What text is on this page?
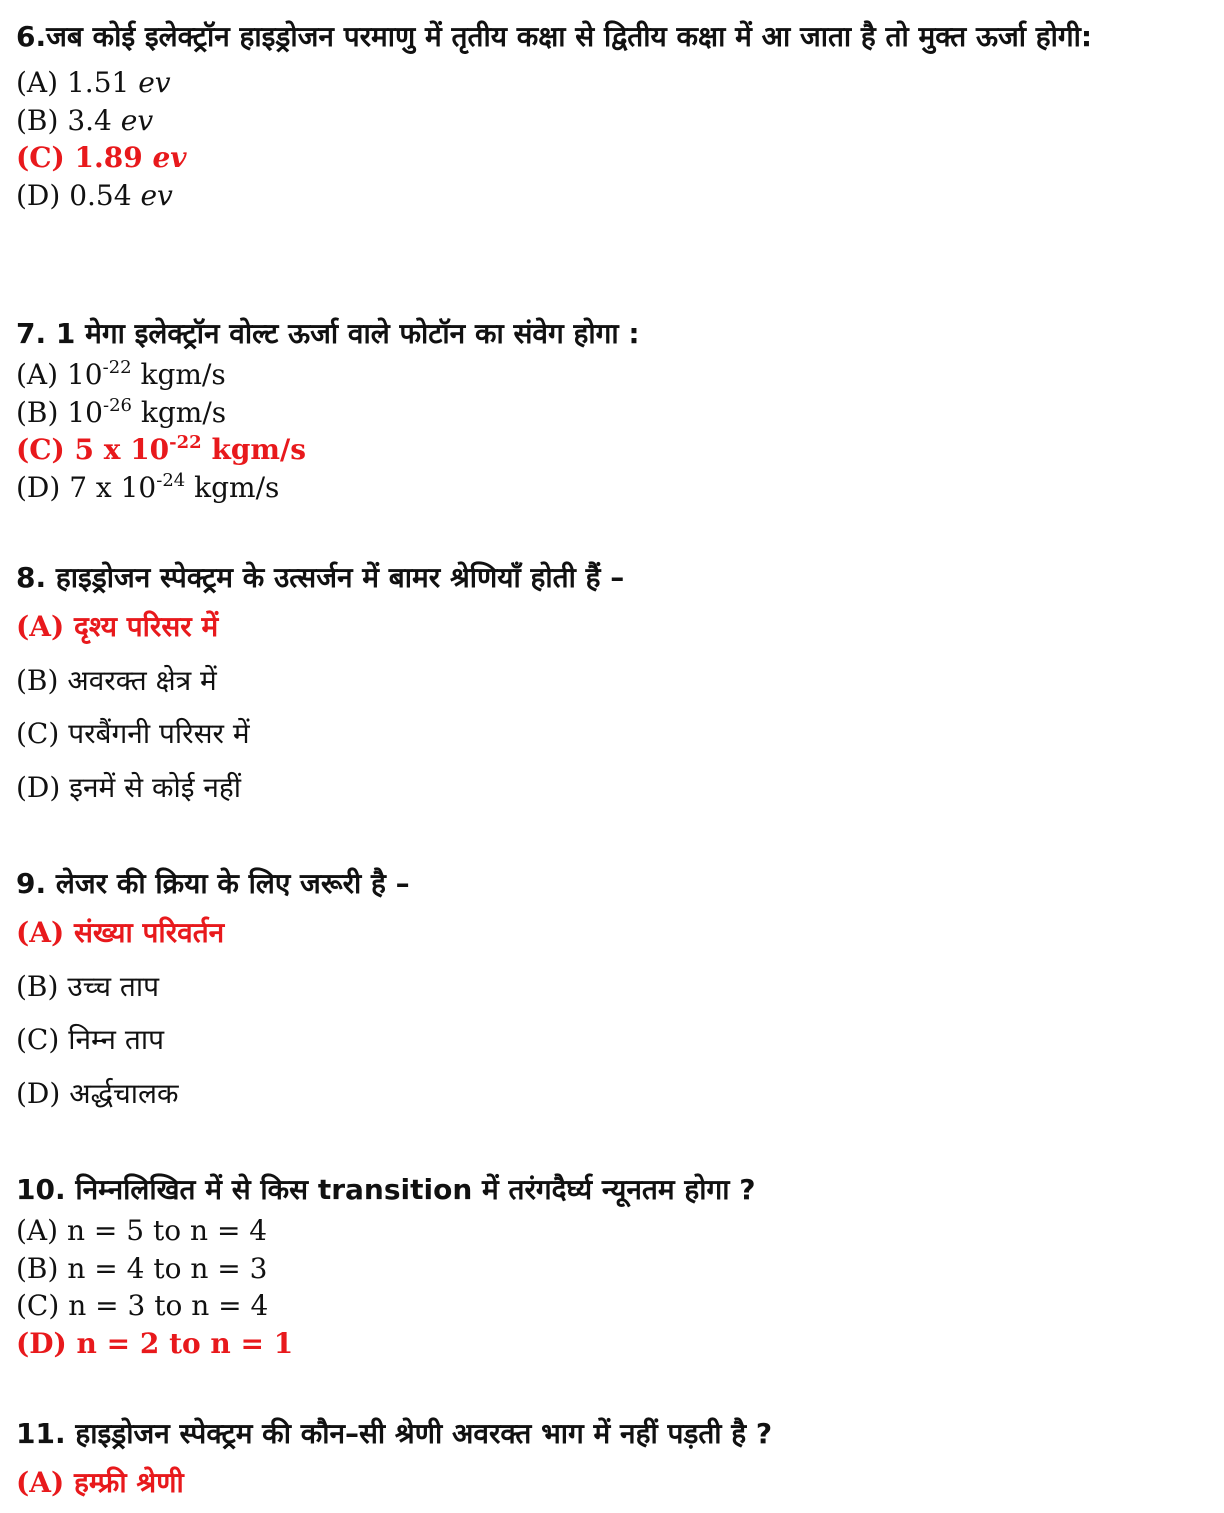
6.जब कोई इलेक्ट्रॉन हाइड्रोजन परमाणु में तृतीय कक्षा से द्वितीय कक्षा में आ जाता है तो मुक्त ऊर्जा होगी:
(A) 1.51 ev
(B) 3.4 ev
(C) 1.89 ev
(D) 0.54 ev
7. 1 मेगा इलेक्ट्रॉन वोल्ट ऊर्जा वाले फोटॉन का संवेग होगा :
(A) $10^{-22}$ kgm/s
(B) $10^{-26}$ kgm/s
(C) 5 x $10^{-22}$ kgm/s
(D) 7 x $10^{-24}$ kgm/s
8. हाइड्रोजन स्पेक्ट्रम के उत्सर्जन में बामर श्रेणियाँ होती हैं –
(A) दृश्य परिसर में
(B) अवरक्त क्षेत्र में
(C) परबैंगनी परिसर में
(D) इनमें से कोई नहीं
9. लेजर की क्रिया के लिए जरूरी है –
(A) संख्या परिवर्तन
(B) उच्च ताप
(C) निम्न ताप
(D) अर्द्धचालक
10. निम्नलिखित में से किस transition में तरंगदैर्घ्य न्यूनतम होगा ?
(A) n = 5 to n = 4
(B) n = 4 to n = 3
(C) n = 3 to n = 4
(D) n = 2 to n = 1
11. हाइड्रोजन स्पेक्ट्रम की कौन–सी श्रेणी अवरक्त भाग में नहीं पड़ती है ?
(A) हम्फ्री श्रेणी
